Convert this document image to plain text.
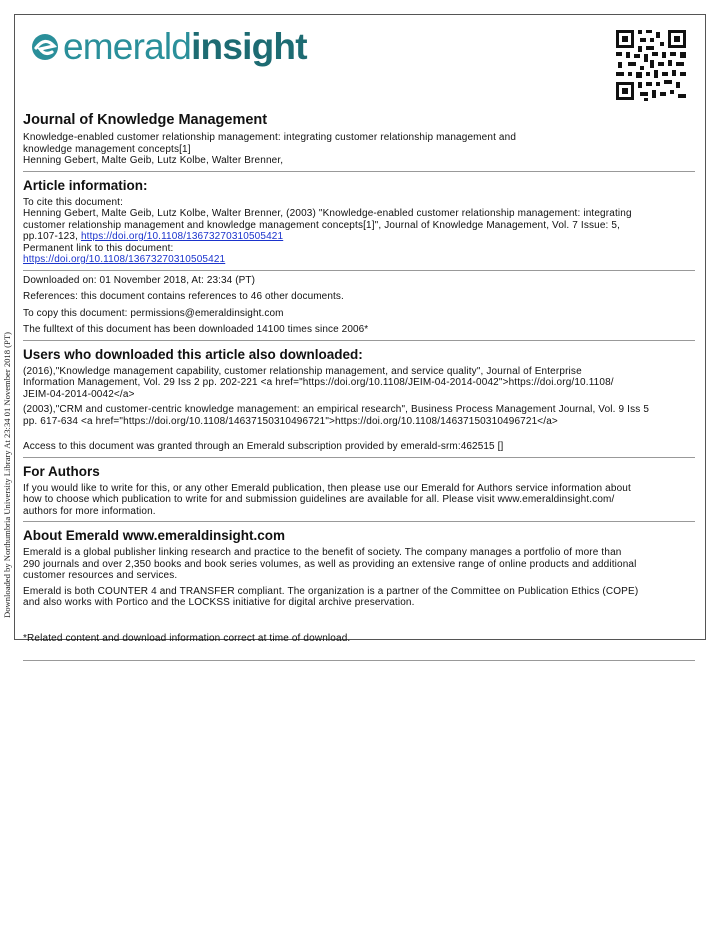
Downloaded by Northumbria University Library At 23:34 01 November 2018 (PT)
emerald insight
Journal of Knowledge Management
Knowledge-enabled customer relationship management: integrating customer relationship management and
knowledge management concepts[1]
Henning Gebert, Malte Geib, Lutz Kolbe, Walter Brenner,
Article information:
To cite this document:
Henning Gebert, Malte Geib, Lutz Kolbe, Walter Brenner, (2003) "Knowledge-enabled customer relationship management: integrating
customer relationship management and knowledge management concepts[1]", Journal of Knowledge Management, Vol. 7 Issue: 5,
pp.107-123, https://doi.org/10.1108/13673270310505421
Permanent link to this document:
https://doi.org/10.1108/13673270310505421
Downloaded on: 01 November 2018, At: 23:34 (PT)
References: this document contains references to 46 other documents.
To copy this document: permissions@emeraldinsight.com
The fulltext of this document has been downloaded 14100 times since 2006*
Users who downloaded this article also downloaded:
(2016),"Knowledge management capability, customer relationship management, and service quality", Journal of Enterprise
Information Management, Vol. 29 Iss 2 pp. 202-221 <a href="https://doi.org/10.1108/JEIM-04-2014-0042">https://doi.org/10.1108/
JEIM-04-2014-0042</a>
(2003),"CRM and customer-centric knowledge management: an empirical research", Business Process Management Journal, Vol. 9 Iss 5
pp. 617-634 <a href="https://doi.org/10.1108/14637150310496721">https://doi.org/10.1108/14637150310496721</a>
Access to this document was granted through an Emerald subscription provided by emerald-srm:462515 []
For Authors
If you would like to write for this, or any other Emerald publication, then please use our Emerald for Authors service information about
how to choose which publication to write for and submission guidelines are available for all. Please visit www.emeraldinsight.com/
authors for more information.
About Emerald www.emeraldinsight.com
Emerald is a global publisher linking research and practice to the benefit of society. The company manages a portfolio of more than
290 journals and over 2,350 books and book series volumes, as well as providing an extensive range of online products and additional
customer resources and services.
Emerald is both COUNTER 4 and TRANSFER compliant. The organization is a partner of the Committee on Publication Ethics (COPE)
and also works with Portico and the LOCKSS initiative for digital archive preservation.
*Related content and download information correct at time of download.
